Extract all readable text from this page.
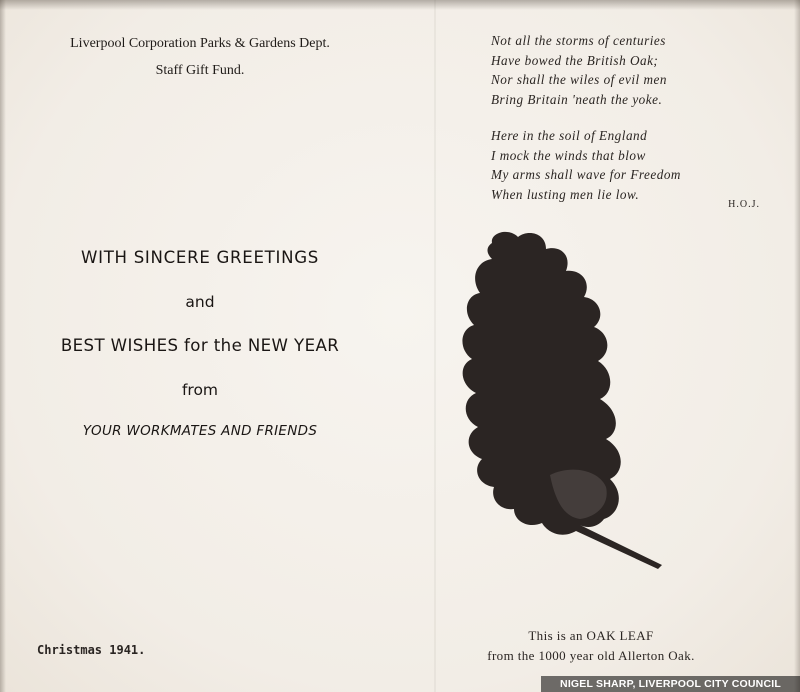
Liverpool Corporation Parks & Gardens Dept.
Staff Gift Fund.
Not all the storms of centuries
Have bowed the British Oak;
Nor shall the wiles of evil men
Bring Britain 'neath the yoke.
Here in the soil of England
I mock the winds that blow
My arms shall wave for Freedom
When lusting men lie low.
H.O.J.
WITH SINCERE GREETINGS
and
BEST WISHES for the NEW YEAR
from
YOUR WORKMATES AND FRIENDS
Christmas 1941.
This is an OAK LEAF
from the 1000 year old Allerton Oak.
NIGEL SHARP, LIVERPOOL CITY COUNCIL
